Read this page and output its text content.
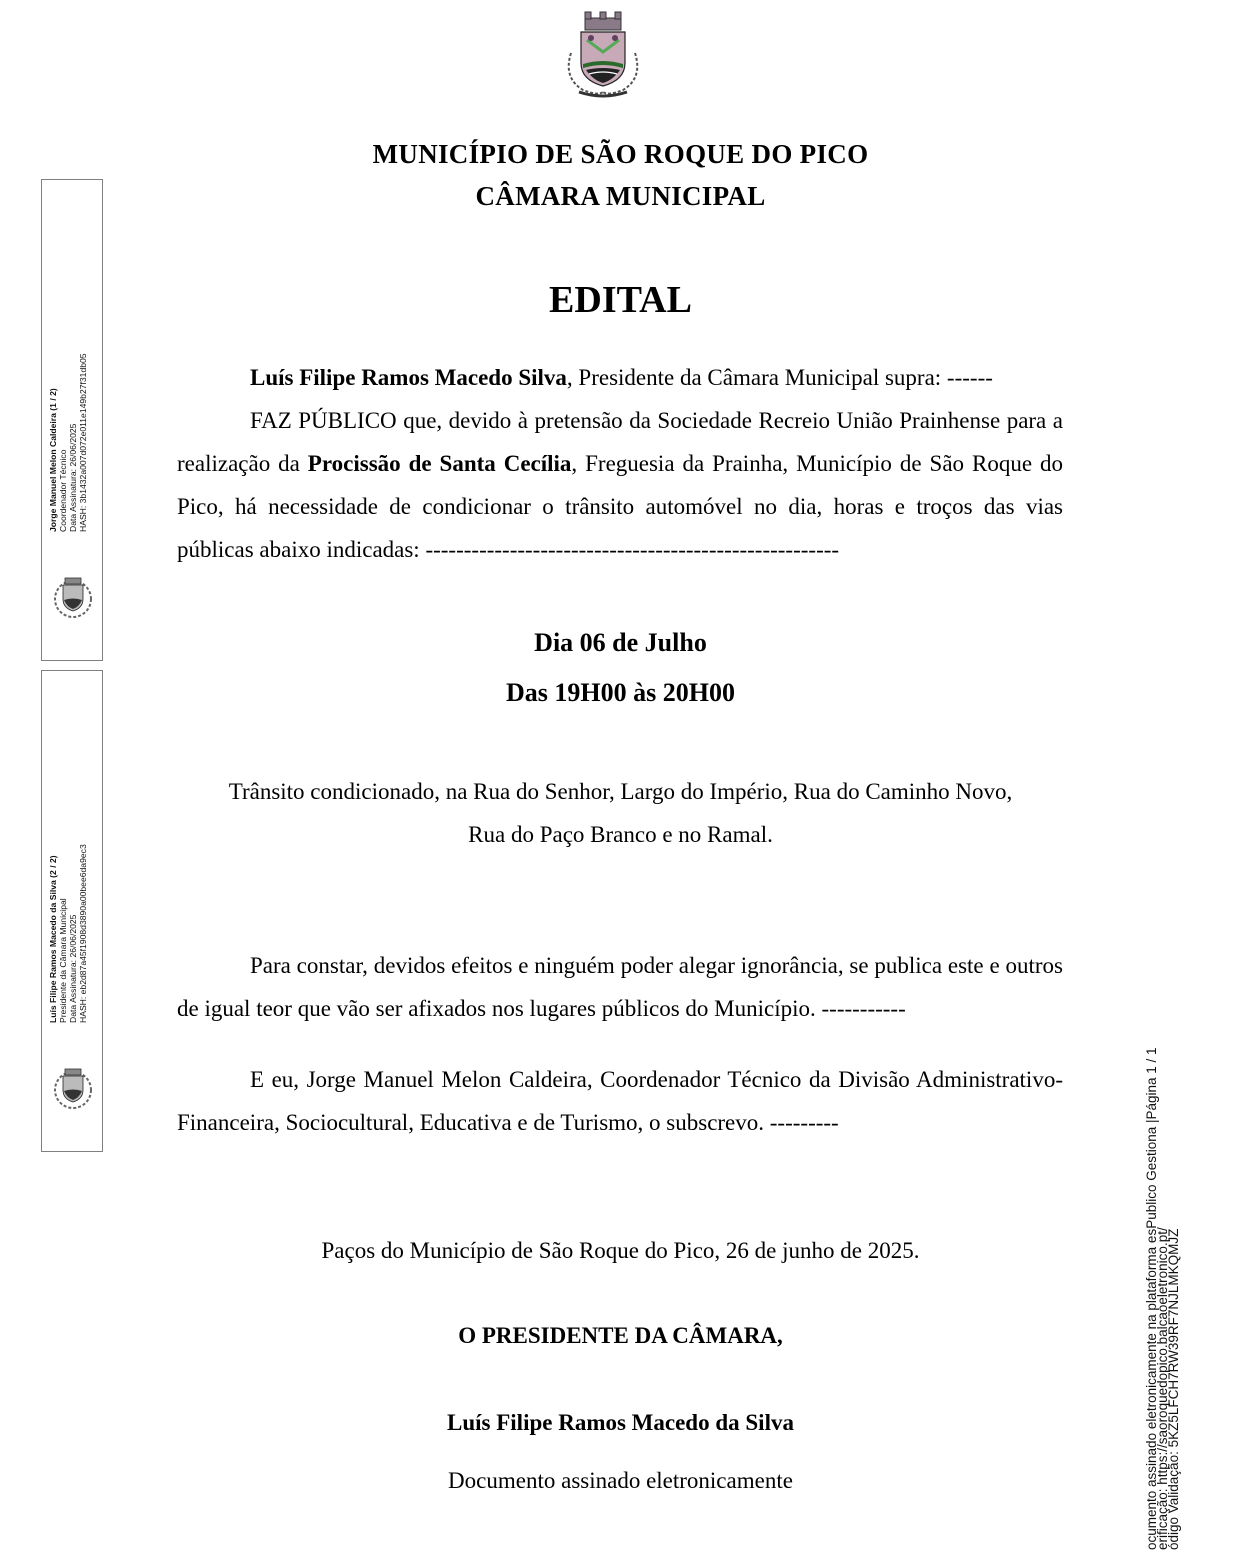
MUNICÍPIO DE SÃO ROQUE DO PICO
CÂMARA MUNICIPAL
EDITAL

Luís Filipe Ramos Macedo Silva, Presidente da Câmara Municipal supra: ------

FAZ PÚBLICO que, devido à pretensão da Sociedade Recreio União Prainhense para a realização da Procissão de Santa Cecília, Freguesia da Prainha, Município de São Roque do Pico, há necessidade de condicionar o trânsito automóvel no dia, horas e troços das vias públicas abaixo indicadas: ------------------------------------------------------

Dia 06 de Julho
Das 19H00 às 20H00
Trânsito condicionado, na Rua do Senhor, Largo do Império, Rua do Caminho Novo,
Rua do Paço Branco e no Ramal.

Para constar, devidos efeitos e ninguém poder alegar ignorância, se publica este e outros de igual teor que vão ser afixados nos lugares públicos do Município. -----------

E eu, Jorge Manuel Melon Caldeira, Coordenador Técnico da Divisão Administrativo-Financeira, Sociocultural, Educativa e de Turismo, o subscrevo. ---------

Paços do Município de São Roque do Pico, 26 de junho de 2025.
O PRESIDENTE DA CÂMARA,
Luís Filipe Ramos Macedo da Silva
Documento assinado eletronicamente
Jorge Manuel Melon Caldeira (1 / 2) Coordenador Técnico Data Assinatura: 26/06/2025 HASH: 3b1432a007d072e011e149b27f31db05
Luís Filipe Ramos Macedo da Silva (2 / 2) Presidente da Câmara Municipal Data Assinatura: 26/06/2025 HASH: eb2d87a45f1908d3890a00bee6da9ec3
ocumento assinado eletronicamente na plataforma esPublico Gestiona |Página 1 / 1
erificação: https://saoroquedopico.balcaoeletronico.pt/
ódigo Validação: 5KZ5LFCH7RW39RF7NJLMKQMJZ
